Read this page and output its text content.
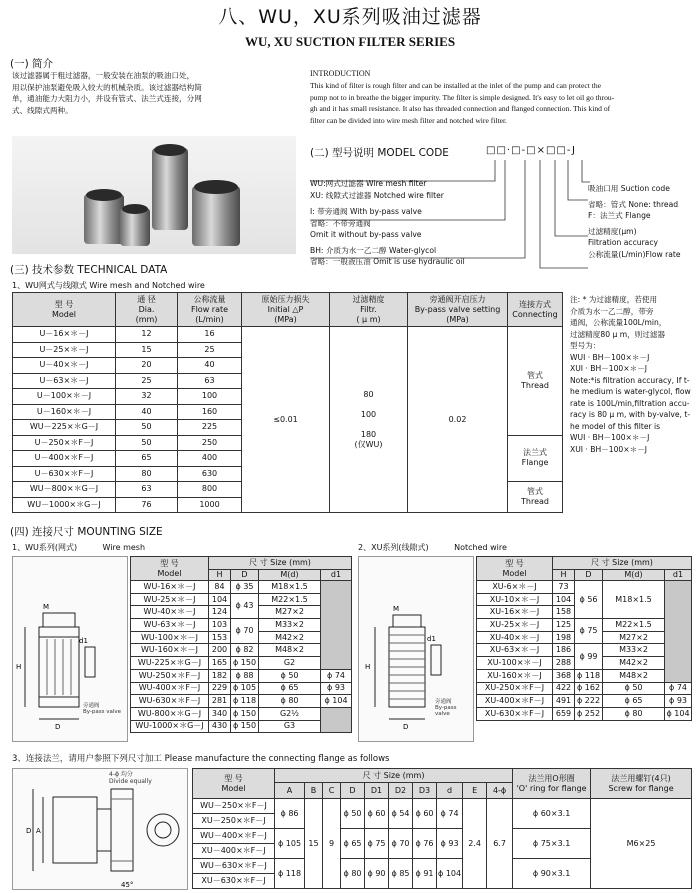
八、WU，XU系列吸油过滤器
WU, XU SUCTION FILTER SERIES
(一) 简介
该过滤器属于粗过滤器，一般安装在油泵的吸油口处，
用以保护油泵避免吸入较大的机械杂质。该过滤器结构简
单，通油能力大阻力小，并设有管式、法兰式连接，分网
式、线隙式两种。
INTRODUCTION
This kind of filter is rough filter and can be installed at the inlet of the pump and can protect the
pump not to in breathe the bigger impurity. The filter is simple designed. It's easy to let oil go throu-
gh and it has small resistance. It also has threaded connection and flanged connection. This kind of
filter can be divided into wire mesh filter and notched wire filter.
(二) 型号说明 MODEL CODE	□□·□-□×□□-J
WU:网式过滤器 Wire mesh filter
XU: 线隙式过滤器 Notched wire filter
I: 带旁通阀 With by-pass valve
省略：不带旁通阀
Omit it without by-pass valve
BH: 介质为水一乙二醇 Water-glycol
省略：一般液压油 Omit is use hydraulic oil
吸油口用 Suction code
省略：管式 None: thread
F：法兰式 Flange
过滤精度(μm)
Filtration accuracy
公称流量(L/min)Flow rate
(三) 技术参数 TECHNICAL DATA
1、WU网式与线隙式 Wire mesh and Notched wire
型 号
Model	通 径
Dia.
(mm)	公称流量
Flow rate
(L/min)	原始压力损失
Initial △P
(MPa)	过滤精度
Filtr.
( μ m)	旁通阀开启压力
By-pass valve setting
(MPa)	连接方式
Connecting
U－16×＊－J	12	16	≤0.01	80

100

180
(仅WU)	0.02	管式
Thread
U－25×＊－J	15	25				
U－40×＊－J	20	40				
U－63×＊－J	25	63				
U－100×＊－J	32	100				
U－160×＊－J	40	160				
WU－225×＊G－J	50	225				
U－250×＊F－J	50	250				法兰式
Flange
U－400×＊F－J	65	400				
U－630×＊F－J	80	630				
WU－800×＊G－J	63	800				管式
Thread
WU－1000×＊G－J	76	1000				
注: * 为过滤精度，若使用
介质为水一乙二醇，带旁
通阀，公称流量100L/min，
过滤精度80 μ m，则过滤器
型号为：
WUI · BH－100×＊－J
XUI · BH－100×＊－J
Note:*is filtration accuracy, If t-
he medium is water-glycol, flow
rate is 100L/min,filtration accu-
racy is 80 μ m, with by-valve, t-
he model of this filter is
WUI · BH－100×＊－J
XUI · BH－100×＊－J
(四) 连接尺寸 MOUNTING SIZE
1、WU系列(网式)	Wire mesh	2、XU系列(线隙式)	Notched wire
H
D
M
d1
旁通阀
By-pass valve
型 号
Model	尺 寸 Size (mm)			
	H	D	M(d)	d1
WU-16×＊－J	84	ϕ 35	M18×1.5	
WU-25×＊－J	104	ϕ 43	M22×1.5	
WU-40×＊－J	124		M27×2	
WU-63×＊－J	103	ϕ 70	M33×2	
WU-100×＊－J	153		M42×2	
WU-160×＊－J	200	ϕ 82	M48×2	
WU-225×＊G－J	165	ϕ 150	G2	
WU-250×＊F－J	182	ϕ 88	ϕ 50	ϕ 74
WU-400×＊F－J	229	ϕ 105	ϕ 65	ϕ 93
WU-630×＊F－J	281	ϕ 118	ϕ 80	ϕ 104
WU-800×＊G－J	340	ϕ 150	G2½	
WU-1000×＊G－J	430	ϕ 150	G3	
H
D
M
d1
旁通阀
By-pass valve
型 号
Model	尺 寸 Size (mm)			
	H	D	M(d)	d1
XU-6×＊－J	73	ϕ 56	M18×1.5	
XU-10×＊－J	104			
XU-16×＊－J	158			
XU-25×＊－J	125	ϕ 75	M22×1.5	
XU-40×＊－J	198		M27×2	
XU-63×＊－J	186	ϕ 99	M33×2	
XU-100×＊－J	288		M42×2	
XU-160×＊－J	368	ϕ 118	M48×2	
XU-250×＊F－J	422	ϕ 162	ϕ 50	ϕ 74
XU-400×＊F－J	491	ϕ 222	ϕ 65	ϕ 93
XU-630×＊F－J	659	ϕ 252	ϕ 80	ϕ 104
3、连接法兰，请用户参照下列尺寸加工 Please manufacture the connecting flange as follows
A
D
45°
4-ϕ 均分
Divide equally	型 号
Model	尺 寸 Size (mm)										法兰用O形圈
'O' ring for flange	法兰用螺钉(4只)
Screw for flange
	A	B	C	D	D1	D2	D3	d	E	4-ϕ		
WU－250×＊F－J	ϕ 86	15	9	ϕ 50	ϕ 60	ϕ 54	ϕ 60	ϕ 74	2.4	6.7	ϕ 60×3.1	M6×25
XU－250×＊F－J												
WU－400×＊F－J	ϕ 105			ϕ 65	ϕ 75	ϕ 70	ϕ 76	ϕ 93			ϕ 75×3.1	
XU－400×＊F－J												
WU－630×＊F－J	ϕ 118			ϕ 80	ϕ 90	ϕ 85	ϕ 91	ϕ 104			ϕ 90×3.1	
XU－630×＊F－J												
